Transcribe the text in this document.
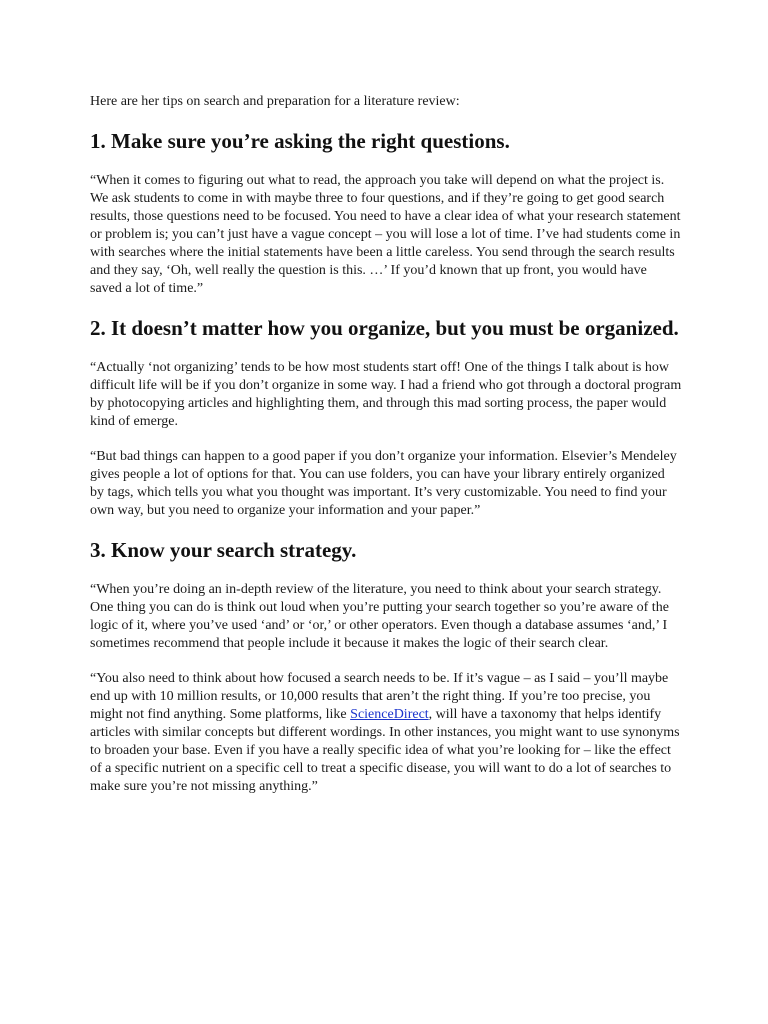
Here are her tips on search and preparation for a literature review:

1. Make sure you’re asking the right questions.

“When it comes to figuring out what to read, the approach you take will depend on what the project is. We ask students to come in with maybe three to four questions, and if they’re going to get good search results, those questions need to be focused. You need to have a clear idea of what your research statement or problem is; you can’t just have a vague concept – you will lose a lot of time. I’ve had students come in with searches where the initial statements have been a little careless. You send through the search results and they say, ‘Oh, well really the question is this. …’ If you’d known that up front, you would have saved a lot of time.”

2. It doesn’t matter how you organize, but you must be organized.

“Actually ‘not organizing’ tends to be how most students start off! One of the things I talk about is how difficult life will be if you don’t organize in some way. I had a friend who got through a doctoral program by photocopying articles and highlighting them, and through this mad sorting process, the paper would kind of emerge.

“But bad things can happen to a good paper if you don’t organize your information. Elsevier’s Mendeley gives people a lot of options for that. You can use folders, you can have your library entirely organized by tags, which tells you what you thought was important. It’s very customizable. You need to find your own way, but you need to organize your information and your paper.”

3. Know your search strategy.

“When you’re doing an in-depth review of the literature, you need to think about your search strategy. One thing you can do is think out loud when you’re putting your search together so you’re aware of the logic of it, where you’ve used ‘and’ or ‘or,’ or other operators. Even though a database assumes ‘and,’ I sometimes recommend that people include it because it makes the logic of their search clear.

“You also need to think about how focused a search needs to be. If it’s vague – as I said – you’ll maybe end up with 10 million results, or 10,000 results that aren’t the right thing. If you’re too precise, you might not find anything. Some platforms, like ScienceDirect, will have a taxonomy that helps identify articles with similar concepts but different wordings. In other instances, you might want to use synonyms to broaden your base. Even if you have a really specific idea of what you’re looking for – like the effect of a specific nutrient on a specific cell to treat a specific disease, you will want to do a lot of searches to make sure you’re not missing anything.”
